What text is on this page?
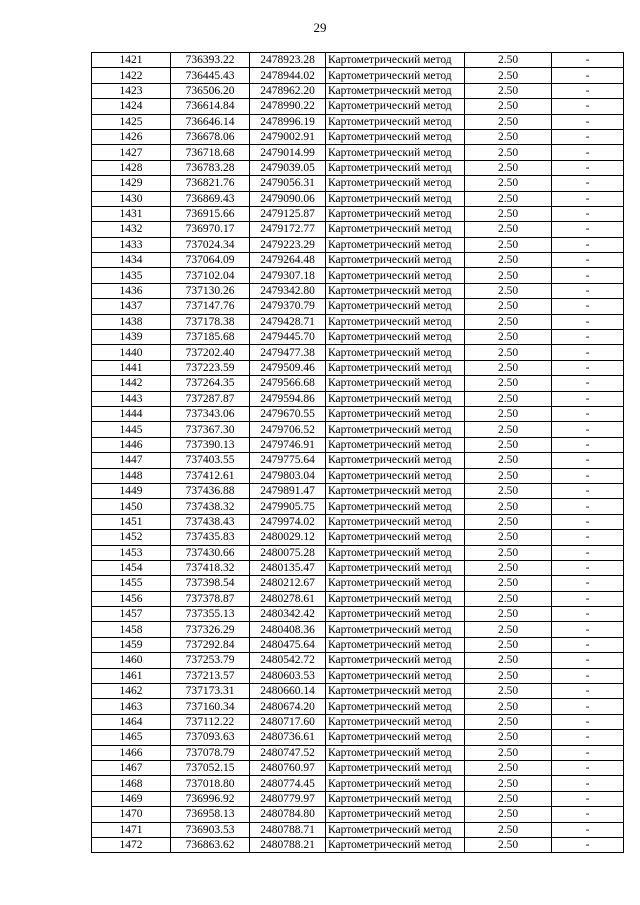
29
1421	736393.22	2478923.28	Картометрический метод	2.50	-
1422	736445.43	2478944.02	Картометрический метод	2.50	-
1423	736506.20	2478962.20	Картометрический метод	2.50	-
1424	736614.84	2478990.22	Картометрический метод	2.50	-
1425	736646.14	2478996.19	Картометрический метод	2.50	-
1426	736678.06	2479002.91	Картометрический метод	2.50	-
1427	736718.68	2479014.99	Картометрический метод	2.50	-
1428	736783.28	2479039.05	Картометрический метод	2.50	-
1429	736821.76	2479056.31	Картометрический метод	2.50	-
1430	736869.43	2479090.06	Картометрический метод	2.50	-
1431	736915.66	2479125.87	Картометрический метод	2.50	-
1432	736970.17	2479172.77	Картометрический метод	2.50	-
1433	737024.34	2479223.29	Картометрический метод	2.50	-
1434	737064.09	2479264.48	Картометрический метод	2.50	-
1435	737102.04	2479307.18	Картометрический метод	2.50	-
1436	737130.26	2479342.80	Картометрический метод	2.50	-
1437	737147.76	2479370.79	Картометрический метод	2.50	-
1438	737178.38	2479428.71	Картометрический метод	2.50	-
1439	737185.68	2479445.70	Картометрический метод	2.50	-
1440	737202.40	2479477.38	Картометрический метод	2.50	-
1441	737223.59	2479509.46	Картометрический метод	2.50	-
1442	737264.35	2479566.68	Картометрический метод	2.50	-
1443	737287.87	2479594.86	Картометрический метод	2.50	-
1444	737343.06	2479670.55	Картометрический метод	2.50	-
1445	737367.30	2479706.52	Картометрический метод	2.50	-
1446	737390.13	2479746.91	Картометрический метод	2.50	-
1447	737403.55	2479775.64	Картометрический метод	2.50	-
1448	737412.61	2479803.04	Картометрический метод	2.50	-
1449	737436.88	2479891.47	Картометрический метод	2.50	-
1450	737438.32	2479905.75	Картометрический метод	2.50	-
1451	737438.43	2479974.02	Картометрический метод	2.50	-
1452	737435.83	2480029.12	Картометрический метод	2.50	-
1453	737430.66	2480075.28	Картометрический метод	2.50	-
1454	737418.32	2480135.47	Картометрический метод	2.50	-
1455	737398.54	2480212.67	Картометрический метод	2.50	-
1456	737378.87	2480278.61	Картометрический метод	2.50	-
1457	737355.13	2480342.42	Картометрический метод	2.50	-
1458	737326.29	2480408.36	Картометрический метод	2.50	-
1459	737292.84	2480475.64	Картометрический метод	2.50	-
1460	737253.79	2480542.72	Картометрический метод	2.50	-
1461	737213.57	2480603.53	Картометрический метод	2.50	-
1462	737173.31	2480660.14	Картометрический метод	2.50	-
1463	737160.34	2480674.20	Картометрический метод	2.50	-
1464	737112.22	2480717.60	Картометрический метод	2.50	-
1465	737093.63	2480736.61	Картометрический метод	2.50	-
1466	737078.79	2480747.52	Картометрический метод	2.50	-
1467	737052.15	2480760.97	Картометрический метод	2.50	-
1468	737018.80	2480774.45	Картометрический метод	2.50	-
1469	736996.92	2480779.97	Картометрический метод	2.50	-
1470	736958.13	2480784.80	Картометрический метод	2.50	-
1471	736903.53	2480788.71	Картометрический метод	2.50	-
1472	736863.62	2480788.21	Картометрический метод	2.50	-
